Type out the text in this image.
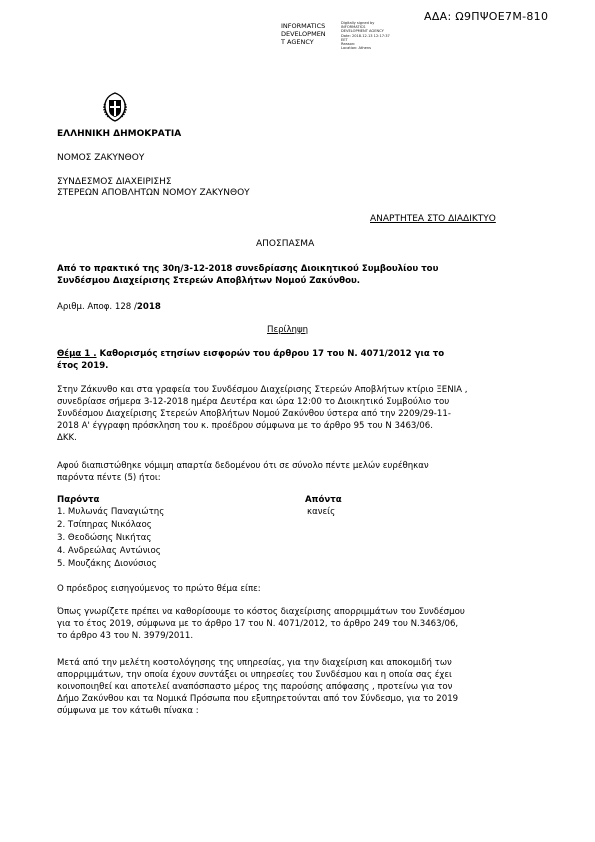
ΑΔΑ: Ω9ΠΨΟΕ7Μ-810
INFORMATICS
DEVELOPMEN
T AGENCY
Digitally signed by
INFORMATICS
DEVELOPMENT AGENCY
Date: 2018.12.13 12:17:37
EET
Reason:
Location: Athens
ΕΛΛΗΝΙΚΗ ΔΗΜΟΚΡΑΤΙΑ
ΝΟΜΟΣ ΖΑΚΥΝΘΟΥ
ΣΥΝΔΕΣΜΟΣ ΔΙΑΧΕΙΡΙΣΗΣ
ΣΤΕΡΕΩΝ ΑΠΟΒΛΗΤΩΝ ΝΟΜΟΥ ΖΑΚΥΝΘΟΥ
ΑΝΑΡΤΗΤΕΑ ΣΤΟ ΔΙΑΔΙΚΤΥΟ
ΑΠΟΣΠΑΣΜΑ
Από το πρακτικό της 30η/3-12-2018 συνεδρίασης Διοικητικού Συμβουλίου του
Συνδέσμου Διαχείρισης Στερεών Αποβλήτων Νομού Ζακύνθου.
Αριθμ. Αποφ. 128 /2018
Περίληψη
Θέμα 1 . Καθορισμός ετησίων εισφορών του άρθρου 17 του Ν. 4071/2012 για το
έτος 2019.
Στην Ζάκυνθο και στα γραφεία του Συνδέσμου Διαχείρισης Στερεών Αποβλήτων κτίριο ΞΕΝΙΑ ,
συνεδρίασε σήμερα 3-12-2018 ημέρα Δευτέρα και ώρα 12:00 το Διοικητικό Συμβούλιο του
Συνδέσμου Διαχείρισης Στερεών Αποβλήτων Νομού Ζακύνθου ύστερα από την 2209/29-11-
2018 Α' έγγραφη πρόσκληση του κ. προέδρου σύμφωνα με το άρθρο 95 του Ν 3463/06.
ΔΚΚ.
Αφού διαπιστώθηκε νόμιμη απαρτία δεδομένου ότι σε σύνολο πέντε μελών ευρέθηκαν
παρόντα πέντε (5) ήτοι:
Παρόντα	Απόντα
1. Μυλωνάς Παναγιώτης	κανείς
2. Τσίπηρας Νικόλαος
3. Θεοδώσης Νικήτας
4. Ανδρεώλας Αντώνιος
5. Μουζάκης Διονύσιος
Ο πρόεδρος εισηγούμενος το πρώτο θέμα είπε:
Όπως γνωρίζετε πρέπει να καθορίσουμε το κόστος διαχείρισης απορριμμάτων του Συνδέσμου
για το έτος 2019, σύμφωνα με το άρθρο 17 του Ν. 4071/2012, το άρθρο 249 του Ν.3463/06,
το άρθρο 43 του Ν. 3979/2011.
Μετά από την μελέτη κοστολόγησης της υπηρεσίας, για την διαχείριση και αποκομιδή των
απορριμμάτων, την οποία έχουν συντάξει οι υπηρεσίες του Συνδέσμου και η οποία σας έχει
κοινοποιηθεί και αποτελεί αναπόσπαστο μέρος της παρούσης απόφασης , προτείνω για τον
Δήμο Ζακύνθου και τα Νομικά Πρόσωπα που εξυπηρετούνται από τον Σύνδεσμο, για το 2019
σύμφωνα με τον κάτωθι πίνακα :
